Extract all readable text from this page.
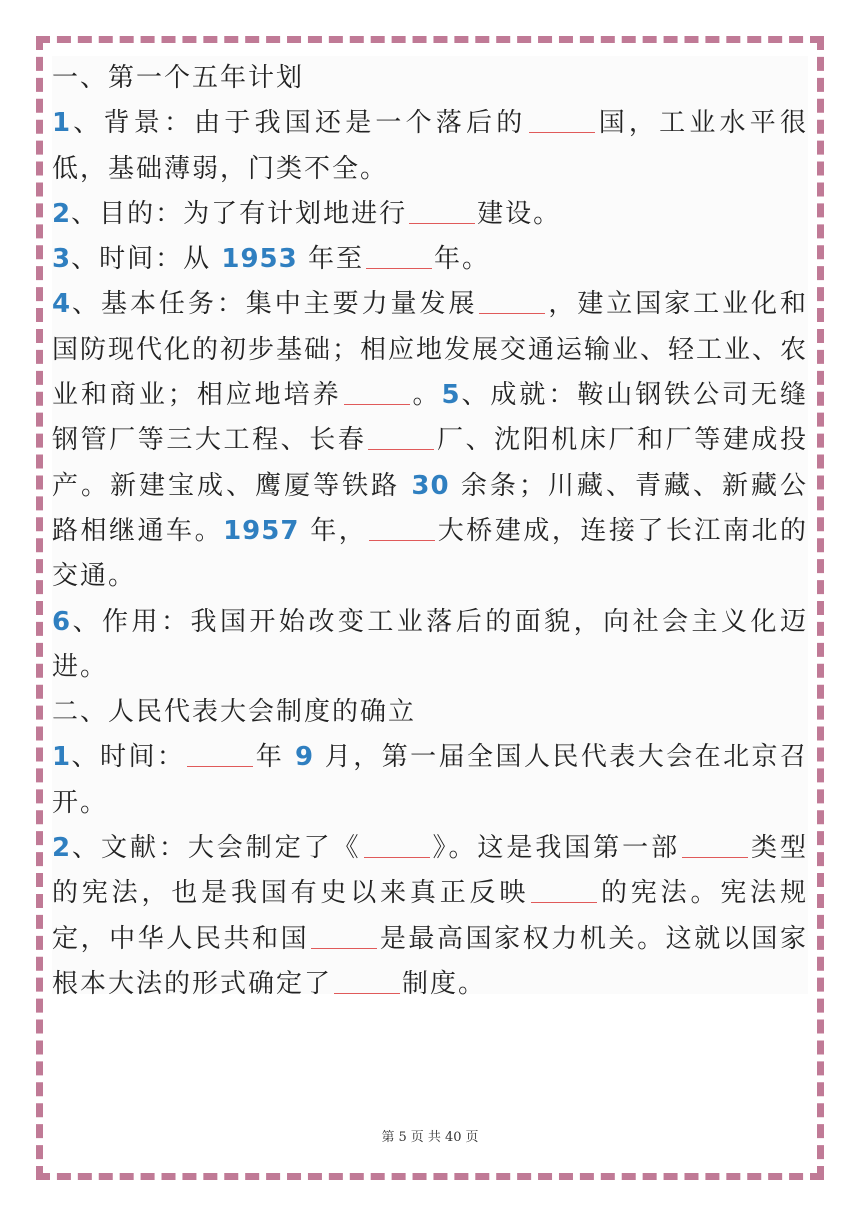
一、第一个五年计划

1、背景：由于我国还是一个落后的	国，工业水平很低，基础薄弱，门类不全。

2、目的：为了有计划地进行	建设。

3、时间：从 1953 年至	年。

4、基本任务：集中主要力量发展	，建立国家工业化和国防现代化的初步基础；相应地发展交通运输业、轻工业、农业和商业；相应地培养	。5、成就：鞍山钢铁公司无缝钢管厂等三大工程、长春	厂、沈阳机床厂和厂等建成投产。新建宝成、鹰厦等铁路 30 余条；川藏、青藏、新藏公路相继通车。1957 年，	大桥建成，连接了长江南北的交通。

6、作用：我国开始改变工业落后的面貌，向社会主义化迈进。

二、人民代表大会制度的确立

1、时间：	年 9 月，第一届全国人民代表大会在北京召开。

2、文献：大会制定了《	》。这是我国第一部	类型的宪法，也是我国有史以来真正反映	的宪法。宪法规定，中华人民共和国	是最高国家权力机关。这就以国家根本大法的形式确定了	制度。

第 5 页 共 40 页
